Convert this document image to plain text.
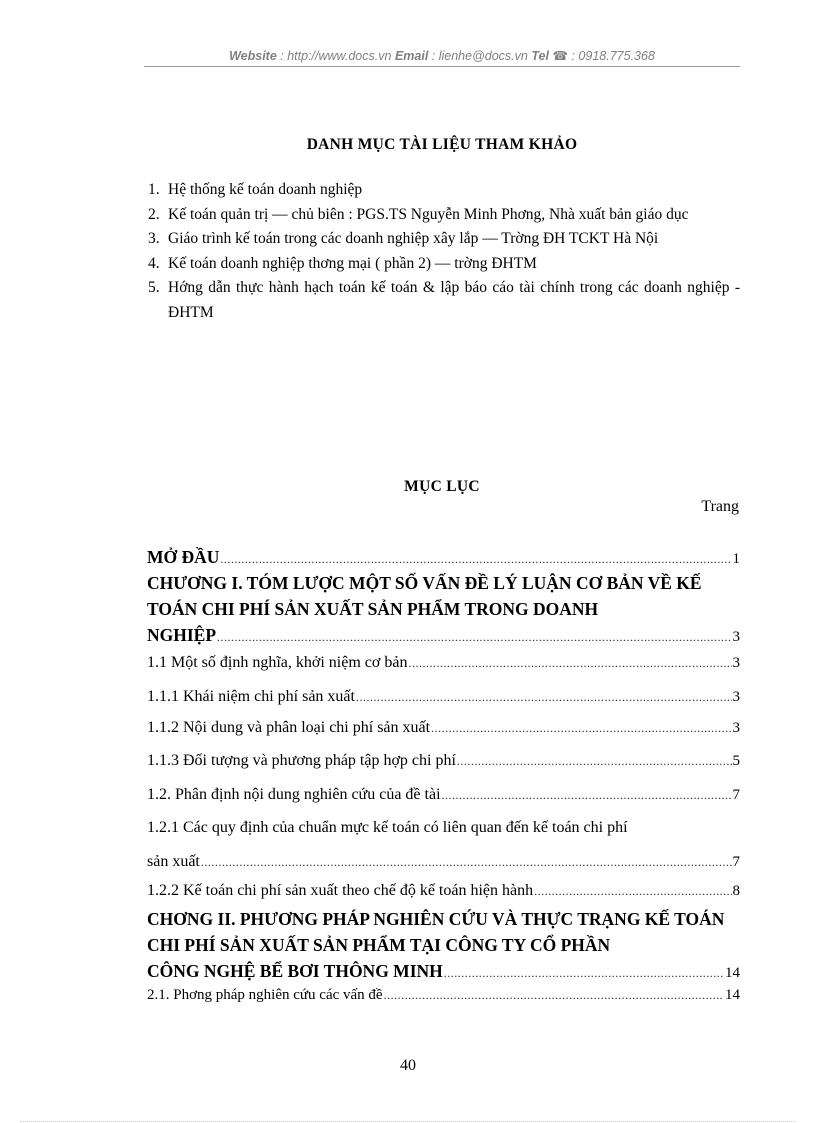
Website : http://www.docs.vn Email : lienhe@docs.vn Tel ☎ : 0918.775.368
DANH MỤC TÀI LIỆU THAM KHẢO
1. Hệ thống kế toán doanh nghiệp
2. Kế toán quản trị — chủ biên : PGS.TS Nguyễn Minh Phơng, Nhà xuất bản giáo dục
3. Giáo trình kế toán trong các doanh nghiệp xây lắp — Trờng ĐH TCKT Hà Nội
4. Kế toán doanh nghiệp thơng mại ( phần 2) — trờng ĐHTM
5. Hớng dẫn thực hành hạch toán kế toán & lập báo cáo tài chính trong các doanh nghiệp - ĐHTM
MỤC LỤC
Trang
MỞ ĐẦU .....	1
CHƯƠNG I. TÓM LƯỢC MỘT SỐ VẤN ĐỀ LÝ LUẬN CƠ BẢN VỀ KẾ TOÁN CHI PHÍ SẢN XUẤT SẢN PHẨM TRONG DOANH
NGHIỆP .....	3
1.1 Một số định nghĩa, khởi niệm cơ bản .....	3
1.1.1 Khái niệm chi phí sản xuất .....	3
1.1.2 Nội dung và phân loại chi phí sản xuất .....	3
1.1.3 Đối tượng và phương pháp tập hợp chi phí .....	5
1.2. Phân định nội dung nghiên cứu của đề tài .....	7
1.2.1 Các quy định của chuẩn mực kế toán có liên quan đến kế toán chi phí
sản xuất .....	7
1.2.2 Kế toán chi phí sản xuất theo chế độ kế toán hiện hành .....	8
CHƠNG II. PHƯƠNG PHÁP NGHIÊN CỨU VÀ THỰC TRẠNG KẾ TOÁN CHI PHÍ SẢN XUẤT SẢN PHẨM TẠI CÔNG TY CỔ PHẦN
CÔNG NGHỆ BỂ BƠI THÔNG MINH .....	14
2.1. Phơng pháp nghiên cứu các vấn đề .....	14
40
